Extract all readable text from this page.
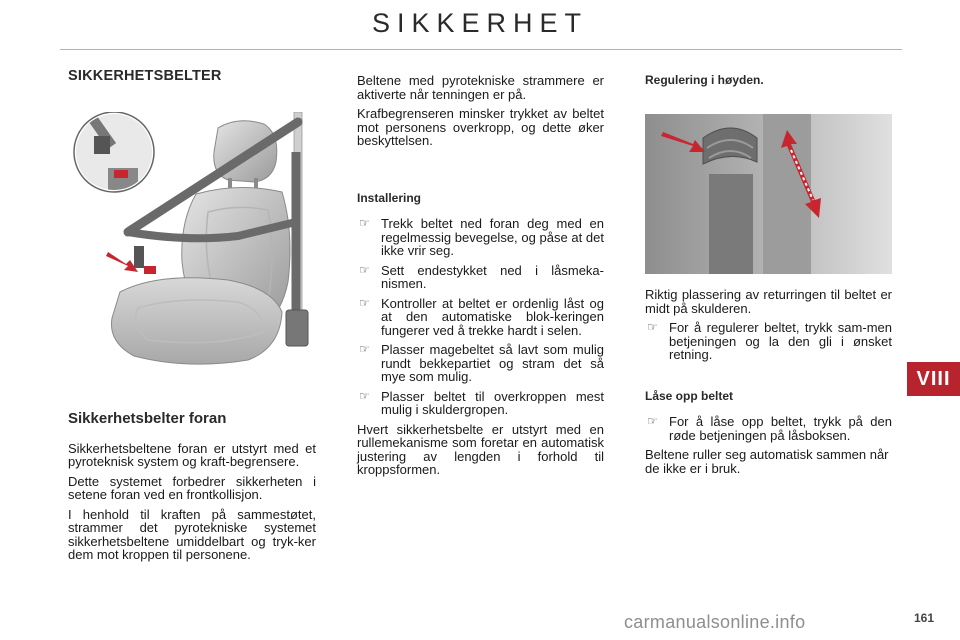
SIKKERHET
VIII
SIKKERHETSBELTER
Sikkerhetsbelter foran

Sikkerhetsbeltene foran er utstyrt med et pyroteknisk system og kraft-begrensere.

Dette systemet forbedrer sikkerheten i setene foran ved en frontkollisjon.

I henhold til kraften på sammestøtet, strammer det pyrotekniske systemet sikkerhetsbeltene umiddelbart og tryk-ker dem mot kroppen til personene.

Beltene med pyrotekniske strammere er aktiverte når tenningen er på.

Krafbegrenseren minsker trykket av beltet mot personens overkropp, og dette øker beskyttelsen.

Installering
☞ Trekk beltet ned foran deg med en regelmessig bevegelse, og påse at det ikke vrir seg.
☞ Sett endestykket ned i låsmeka-nismen.
☞ Kontroller at beltet er ordenlig låst og at den automatiske blok-keringen fungerer ved å trekke hardt i selen.
☞ Plasser magebeltet så lavt som mulig rundt bekkepartiet og stram det så mye som mulig.
☞ Plasser beltet til overkroppen mest mulig i skuldergropen.

Hvert sikkerhetsbelte er utstyrt med en rullemekanisme som foretar en automatisk justering av lengden i forhold til kroppsformen.

Regulering i høyden.

Riktig plassering av returringen til beltet er midt på skulderen.

☞ For å regulerer beltet, trykk sam-men betjeningen og la den gli i ønsket retning.
Låse opp beltet
☞ For å låse opp beltet, trykk på den røde betjeningen på låsboksen.

Beltene ruller seg automatisk sammen når de ikke er i bruk.

carmanualsonline.info	161
